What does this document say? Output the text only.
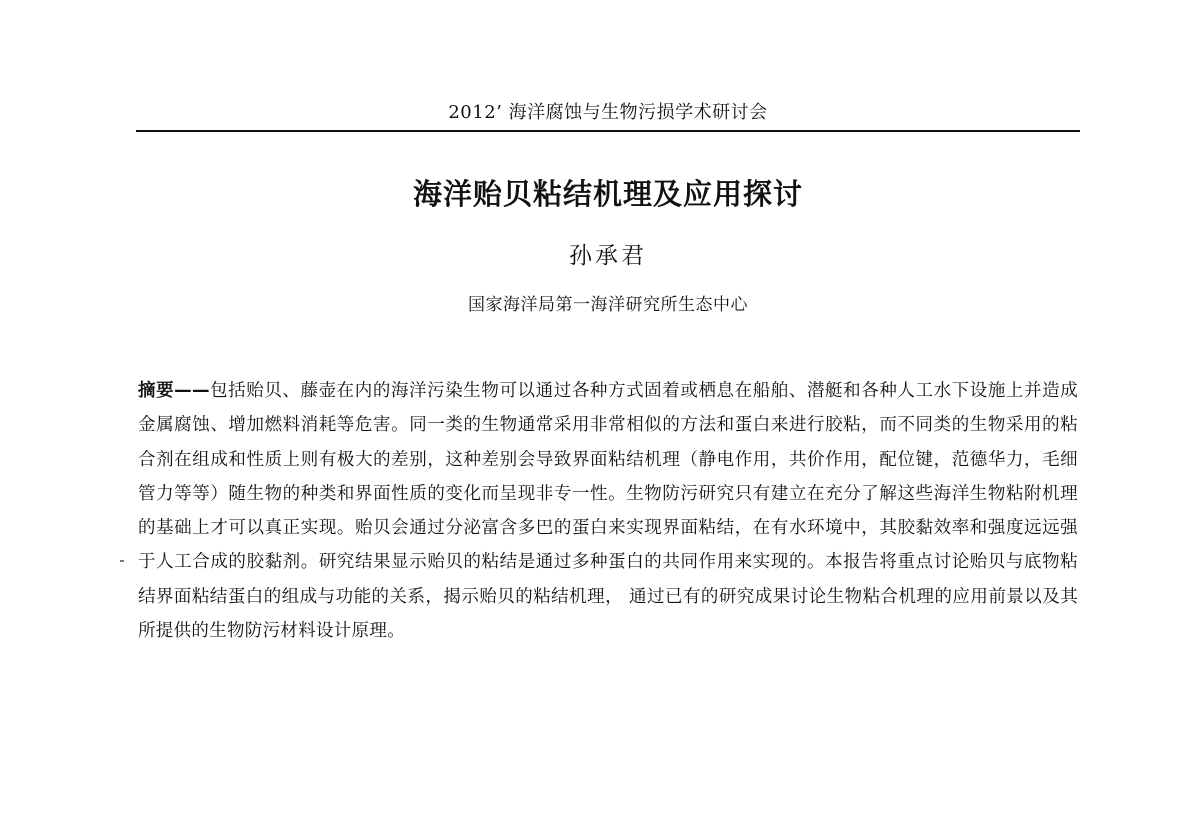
2012’ 海洋腐蚀与生物污损学术研讨会
海洋贻贝粘结机理及应用探讨
孙承君
国家海洋局第一海洋研究所生态中心

摘要——包括贻贝、藤壶在内的海洋污染生物可以通过各种方式固着或栖息在船舶、潜艇和各种人工水下设施上并造成金属腐蚀、增加燃料消耗等危害。同一类的生物通常采用非常相似的方法和蛋白来进行胶粘，而不同类的生物采用的粘合剂在组成和性质上则有极大的差别，这种差别会导致界面粘结机理（静电作用，共价作用，配位键，范德华力，毛细管力等等）随生物的种类和界面性质的变化而呈现非专一性。生物防污研究只有建立在充分了解这些海洋生物粘附机理的基础上才可以真正实现。贻贝会通过分泌富含多巴的蛋白来实现界面粘结，在有水环境中，其胶黏效率和强度远远强于人工合成的胶黏剂。研究结果显示贻贝的粘结是通过多种蛋白的共同作用来实现的。本报告将重点讨论贻贝与底物粘结界面粘结蛋白的组成与功能的关系，揭示贻贝的粘结机理， 通过已有的研究成果讨论生物粘合机理的应用前景以及其所提供的生物防污材料设计原理。
